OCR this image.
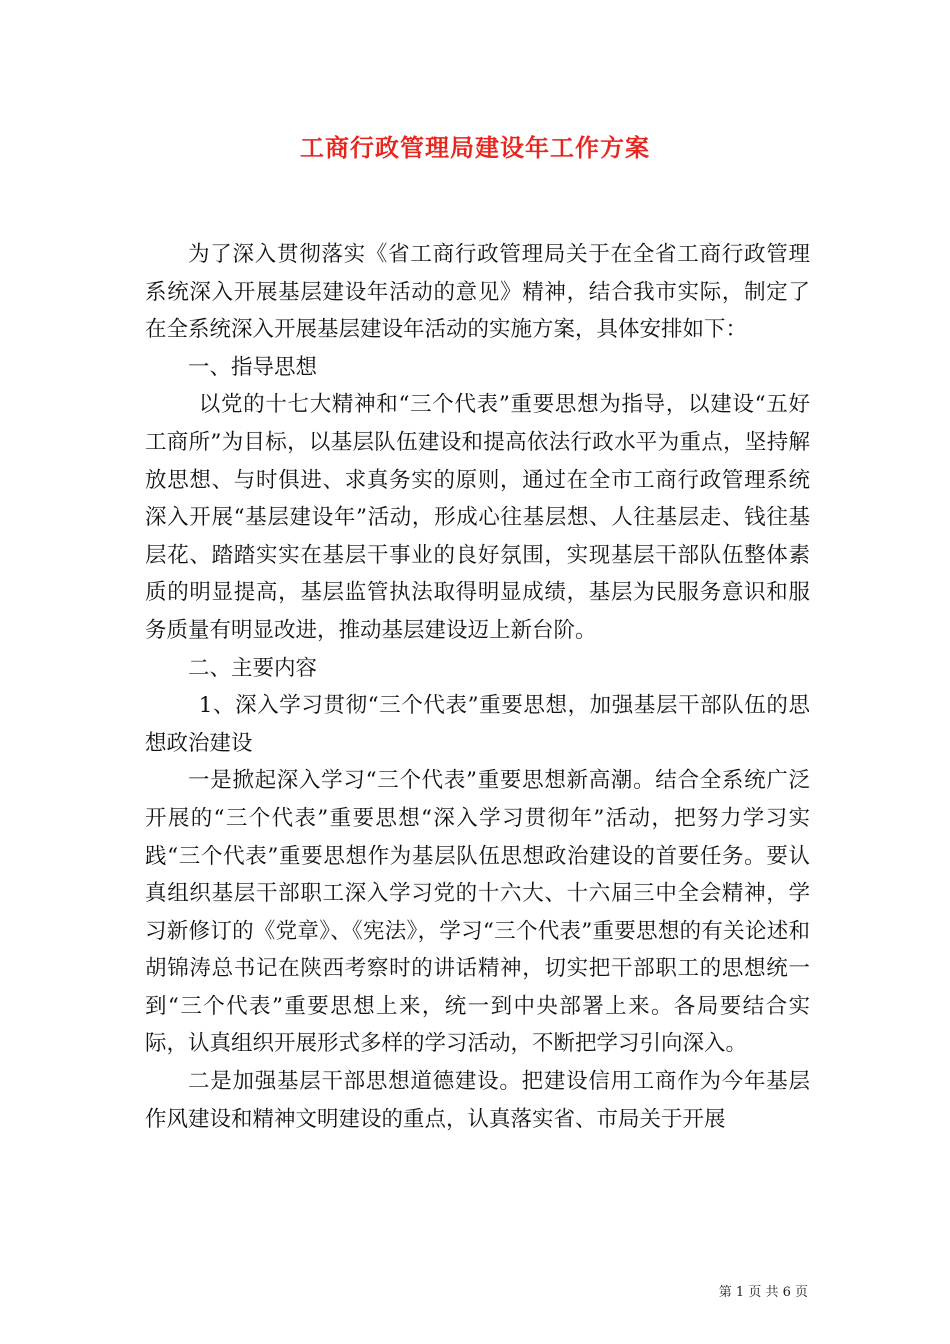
工商行政管理局建设年工作方案

为了深入贯彻落实《省工商行政管理局关于在全省工商行政管理系统深入开展基层建设年活动的意见》精神，结合我市实际，制定了在全系统深入开展基层建设年活动的实施方案，具体安排如下：

一、指导思想

以党的十七大精神和“三个代表”重要思想为指导，以建设“五好工商所”为目标，以基层队伍建设和提高依法行政水平为重点，坚持解放思想、与时俱进、求真务实的原则，通过在全市工商行政管理系统深入开展“基层建设年”活动，形成心往基层想、人往基层走、钱往基层花、踏踏实实在基层干事业的良好氛围，实现基层干部队伍整体素质的明显提高，基层监管执法取得明显成绩，基层为民服务意识和服务质量有明显改进，推动基层建设迈上新台阶。

二、主要内容

1、深入学习贯彻“三个代表”重要思想，加强基层干部队伍的思想政治建设

一是掀起深入学习“三个代表”重要思想新高潮。结合全系统广泛开展的“三个代表”重要思想“深入学习贯彻年”活动，把努力学习实践“三个代表”重要思想作为基层队伍思想政治建设的首要任务。要认真组织基层干部职工深入学习党的十六大、十六届三中全会精神，学习新修订的《党章》、《宪法》，学习“三个代表”重要思想的有关论述和胡锦涛总书记在陕西考察时的讲话精神，切实把干部职工的思想统一到“三个代表”重要思想上来，统一到中央部署上来。各局要结合实际，认真组织开展形式多样的学习活动，不断把学习引向深入。

二是加强基层干部思想道德建设。把建设信用工商作为今年基层作风建设和精神文明建设的重点，认真落实省、市局关于开展

第 1 页 共 6 页
